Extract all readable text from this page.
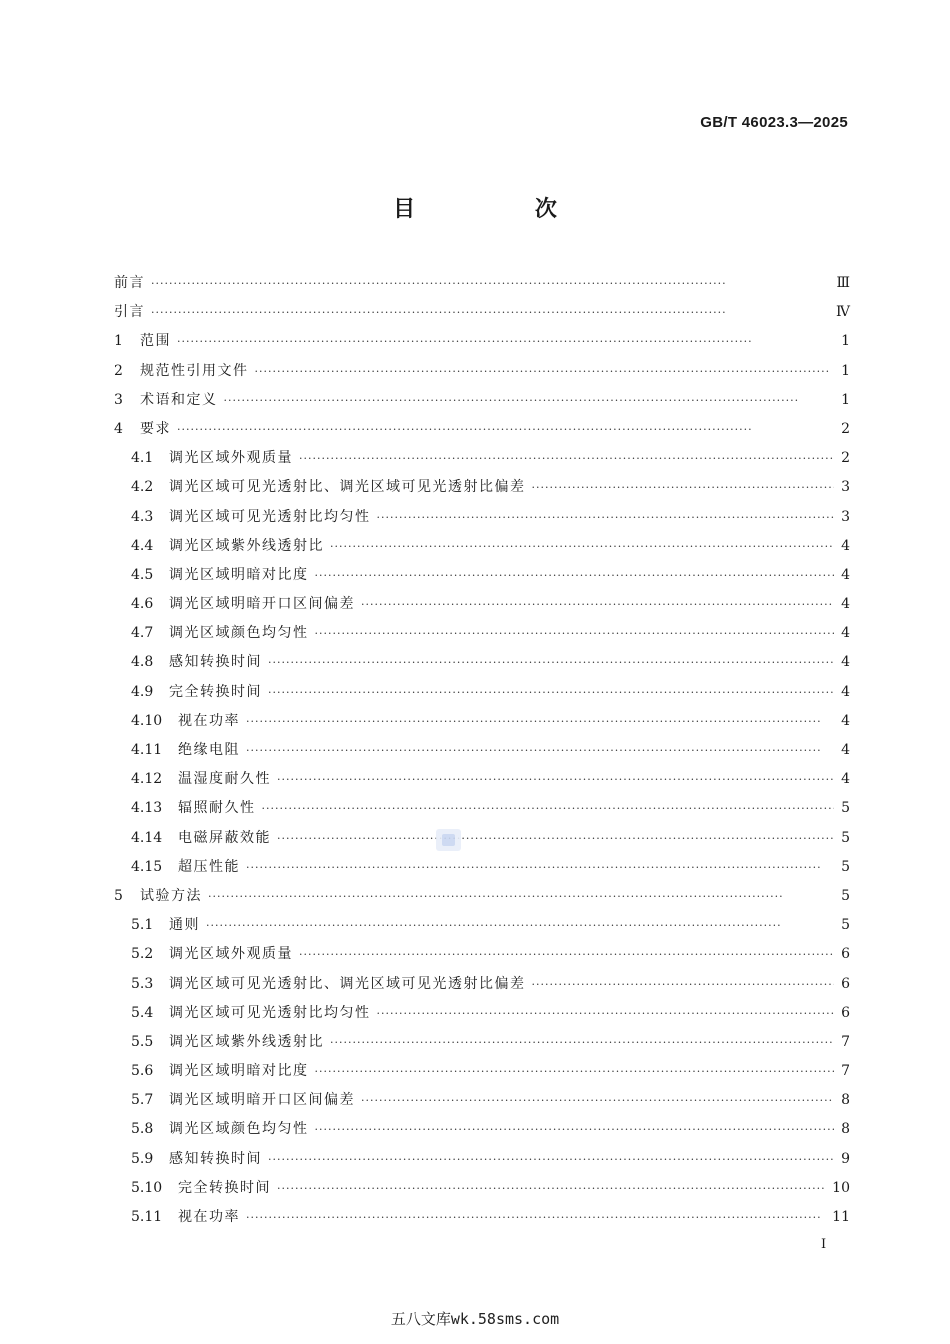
GB/T 46023.3—2025
目 次
前言 ·····	Ⅲ
引言 ·····	Ⅳ
1	范围 ·····	1
2	规范性引用文件 ·····	1
3	术语和定义 ·····	1
4	要求 ·····	2
4.1	调光区域外观质量 ·····	2
4.2	调光区域可见光透射比、调光区域可见光透射比偏差 ·····	3
4.3	调光区域可见光透射比均匀性 ·····	3
4.4	调光区域紫外线透射比 ·····	4
4.5	调光区域明暗对比度 ·····	4
4.6	调光区域明暗开口区间偏差 ·····	4
4.7	调光区域颜色均匀性 ·····	4
4.8	感知转换时间 ·····	4
4.9	完全转换时间 ·····	4
4.10	视在功率 ·····	4
4.11	绝缘电阻 ·····	4
4.12	温湿度耐久性 ·····	4
4.13	辐照耐久性 ·····	5
4.14	电磁屏蔽效能 ·····	5
4.15	超压性能 ·····	5
5	试验方法 ·····	5
5.1	通则 ·····	5
5.2	调光区域外观质量 ·····	6
5.3	调光区域可见光透射比、调光区域可见光透射比偏差 ·····	6
5.4	调光区域可见光透射比均匀性 ·····	6
5.5	调光区域紫外线透射比 ·····	7
5.6	调光区域明暗对比度 ·····	7
5.7	调光区域明暗开口区间偏差 ·····	8
5.8	调光区域颜色均匀性 ·····	8
5.9	感知转换时间 ·····	9
5.10	完全转换时间 ·····	10
5.11	视在功率 ·····	11
I
五八文库wk.58sms.com
